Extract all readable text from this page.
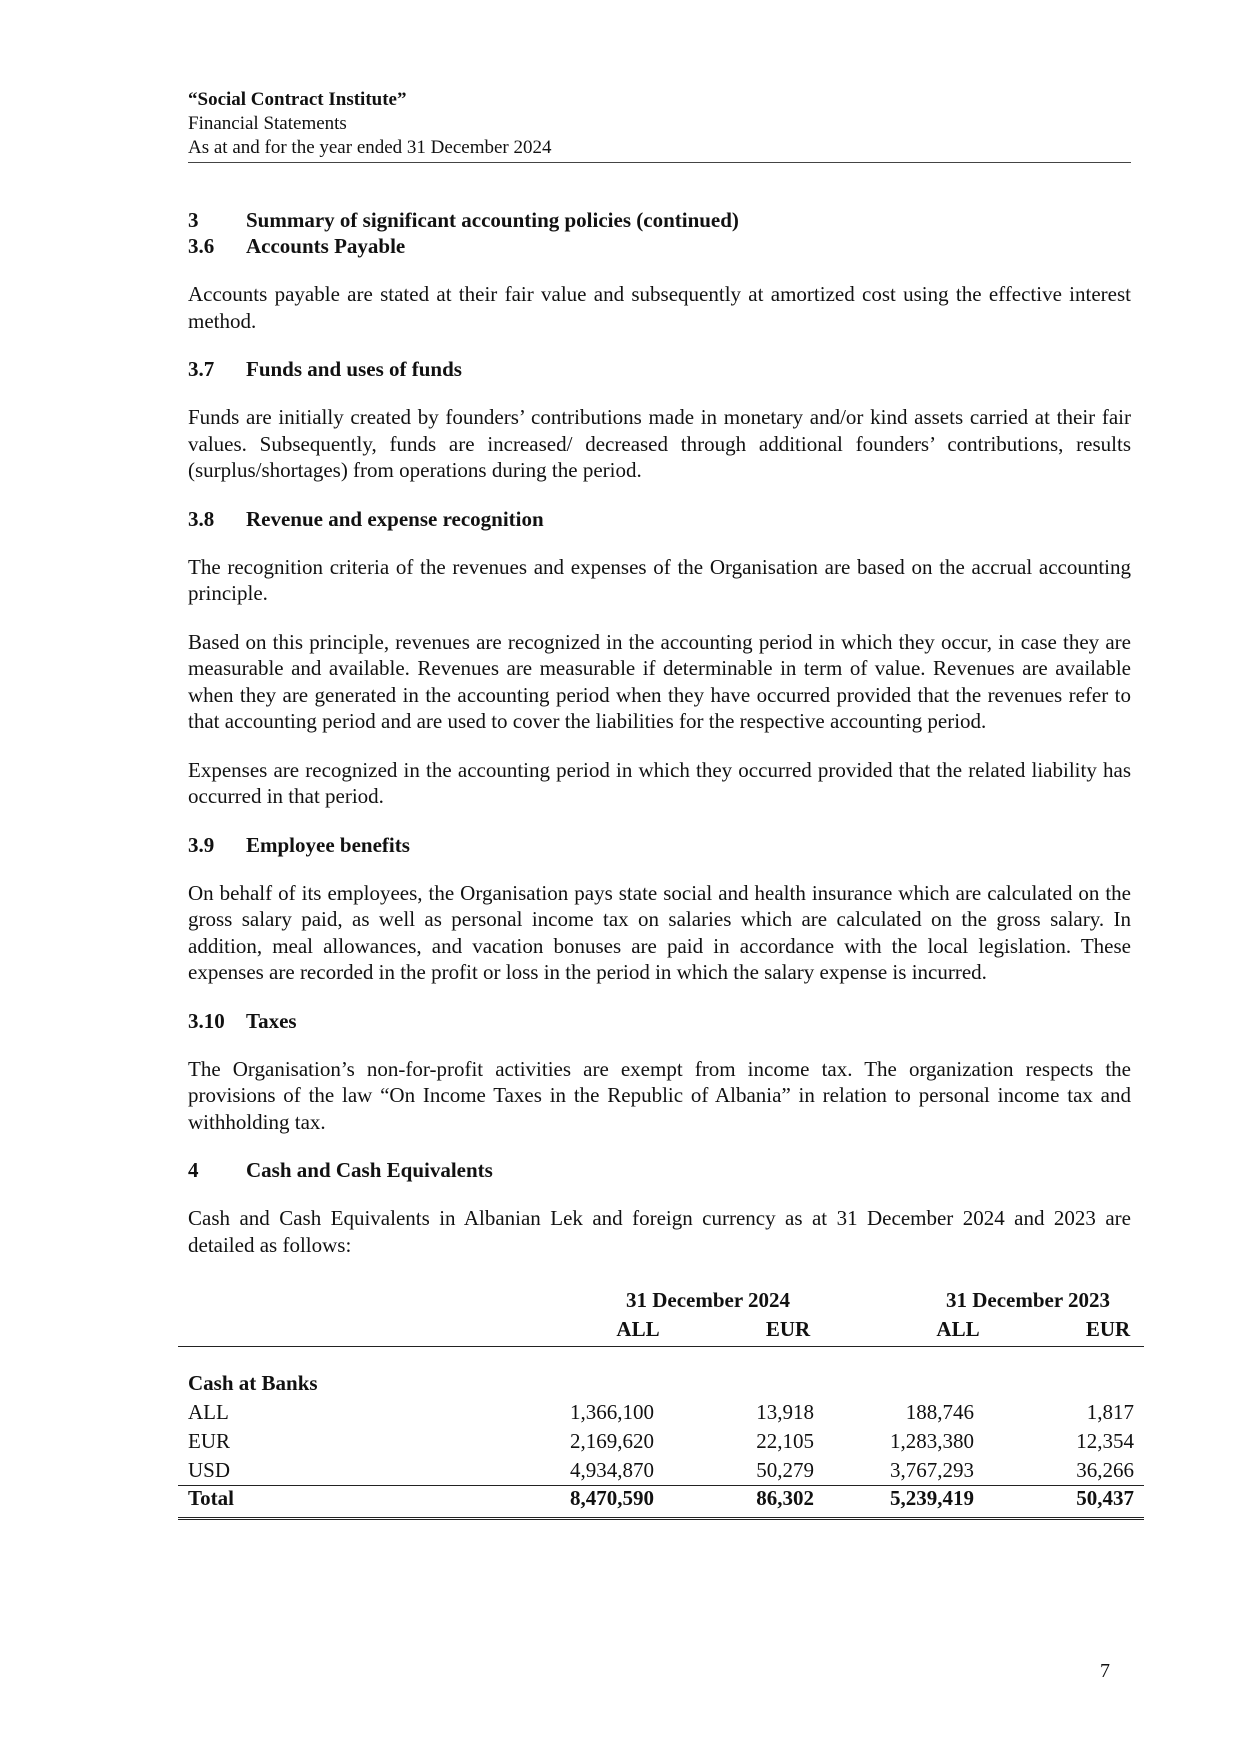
“Social Contract Institute”
Financial Statements
As at and for the year ended 31 December 2024
3	Summary of significant accounting policies (continued)
3.6	Accounts Payable

Accounts payable are stated at their fair value and subsequently at amortized cost using the effective interest method.

3.7	Funds and uses of funds

Funds are initially created by founders’ contributions made in monetary and/or kind assets carried at their fair values. Subsequently, funds are increased/ decreased through additional founders’ contributions, results (surplus/shortages) from operations during the period.

3.8	Revenue and expense recognition

The recognition criteria of the revenues and expenses of the Organisation are based on the accrual accounting principle.

Based on this principle, revenues are recognized in the accounting period in which they occur, in case they are measurable and available. Revenues are measurable if determinable in term of value. Revenues are available when they are generated in the accounting period when they have occurred provided that the revenues refer to that accounting period and are used to cover the liabilities for the respective accounting period.

Expenses are recognized in the accounting period in which they occurred provided that the related liability has occurred in that period.

3.9	Employee benefits

On behalf of its employees, the Organisation pays state social and health insurance which are calculated on the gross salary paid, as well as personal income tax on salaries which are calculated on the gross salary. In addition, meal allowances, and vacation bonuses are paid in accordance with the local legislation. These expenses are recorded in the profit or loss in the period in which the salary expense is incurred.

3.10	Taxes

The Organisation’s non-for-profit activities are exempt from income tax. The organization respects the provisions of the law “On Income Taxes in the Republic of Albania” in relation to personal income tax and withholding tax.

4	Cash and Cash Equivalents

Cash and Cash Equivalents in Albanian Lek and foreign currency as at 31 December 2024 and 2023 are detailed as follows:

31 December 2024	31 December 2023
ALL	EUR	ALL	EUR
Cash at Banks
ALL	1,366,100	13,918	188,746	1,817
EUR	2,169,620	22,105	1,283,380	12,354
USD	4,934,870	50,279	3,767,293	36,266
Total	8,470,590	86,302	5,239,419	50,437
7
